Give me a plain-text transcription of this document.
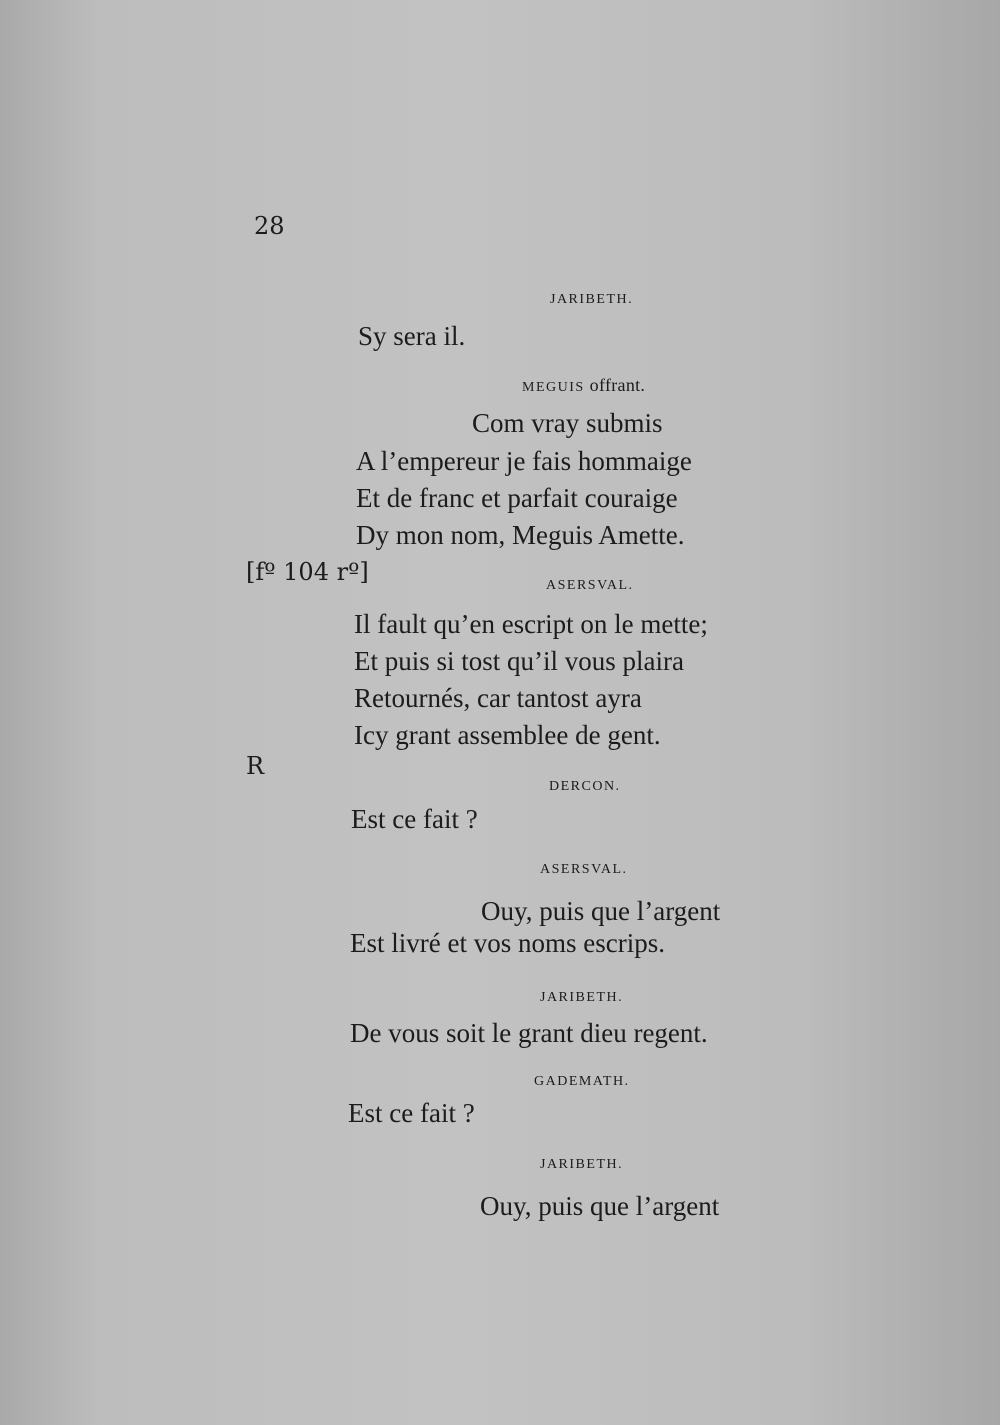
28
JARIBETH.
Sy sera il.
MEGUIS offrant.
Com vray submis
A l’empereur je fais hommaige
Et de franc et parfait couraige
Dy mon nom, Meguis Amette.
[fº 104 rº]	ASERSVAL.
Il fault qu’en escript on le mette;
Et puis si tost qu’il vous plaira
Retournés, car tantost ayra
Icy grant assemblee de gent.
R
DERCON.
Est ce fait ?
ASERSVAL.
Ouy, puis que l’argent
Est livré et vos noms escrips.
JARIBETH.
De vous soit le grant dieu regent.
GADEMATH.
Est ce fait ?
JARIBETH.
Ouy, puis que l’argent
